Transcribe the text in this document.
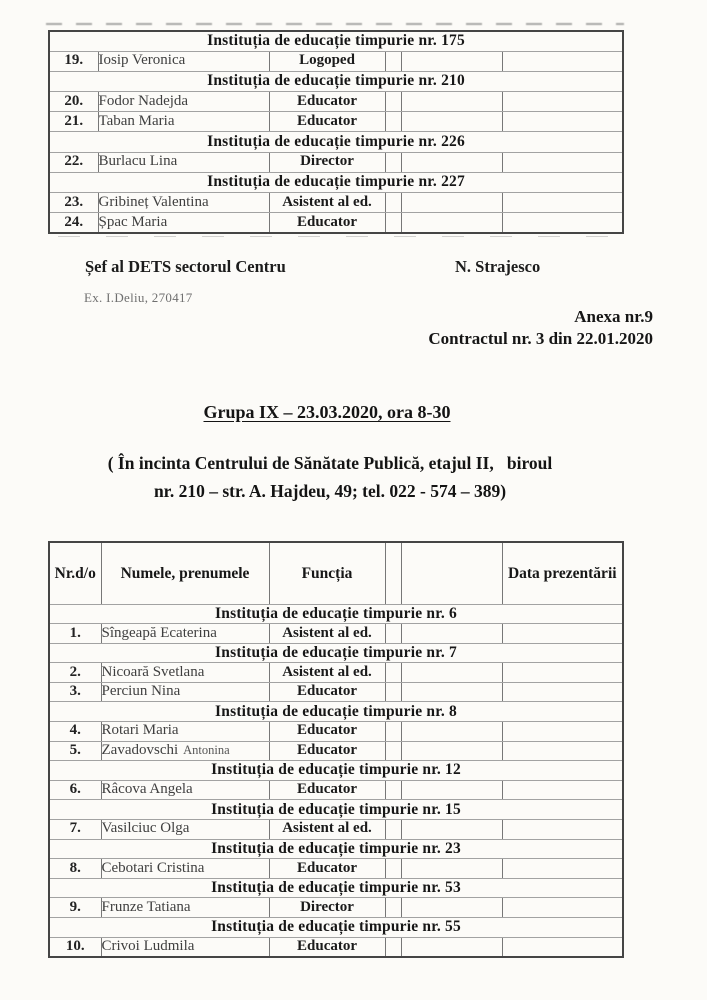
Instituția de educație timpurie nr. 175					
19.	Iosip Veronica	Logoped			
Instituția de educație timpurie nr. 210					
20.	Fodor Nadejda	Educator			
21.	Taban Maria	Educator			
Instituția de educație timpurie nr. 226					
22.	Burlacu Lina	Director			
Instituția de educație timpurie nr. 227					
23.	Gribineț Valentina	Asistent al ed.			
24.	Șpac Maria	Educator			
Șef al DETS sectorul Centru	N. Strajesco
Ex. I.Deliu, 270417
Anexa nr.9
Contractul nr. 3 din 22.01.2020
Grupa IX – 23.03.2020, ora 8-30
( În incinta Centrului de Sănătate Publică, etajul II,   biroul
nr. 210 – str. A. Hajdeu, 49; tel. 022 - 574 – 389)
Nr.d/o	Numele, prenumele	Funcția			Data prezentării
Instituția de educație timpurie nr. 6					
1.	Sîngeapă Ecaterina	Asistent al ed.			
Instituția de educație timpurie nr. 7					
2.	Nicoară Svetlana	Asistent al ed.			
3.	Perciun Nina	Educator			
Instituția de educație timpurie nr. 8					
4.	Rotari Maria	Educator			
5.	Zavadovschi Antonina	Educator			
Instituția de educație timpurie nr. 12					
6.	Râcova Angela	Educator			
Instituția de educație timpurie nr. 15					
7.	Vasilciuc Olga	Asistent al ed.			
Instituția de educație timpurie nr. 23					
8.	Cebotari Cristina	Educator			
Instituția de educație timpurie nr. 53					
9.	Frunze Tatiana	Director			
Instituția de educație timpurie nr. 55					
10.	Crivoi Ludmila	Educator			
